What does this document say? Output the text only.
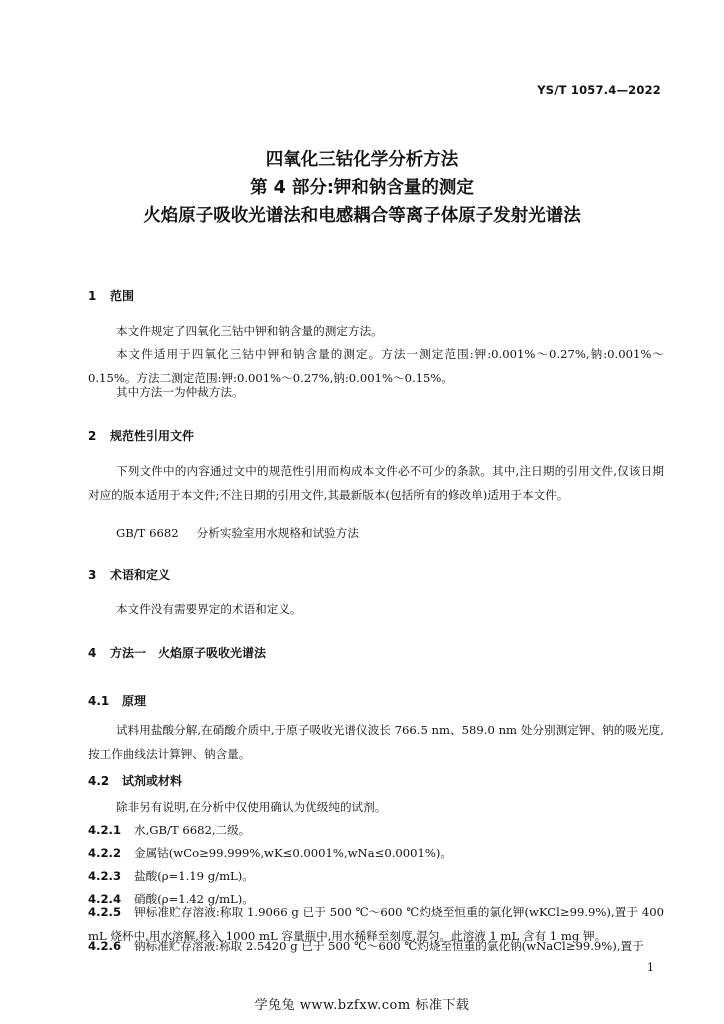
YS/T 1057.4—2022
四氧化三钴化学分析方法
第 4 部分:钾和钠含量的测定
火焰原子吸收光谱法和电感耦合等离子体原子发射光谱法
1 范围
本文件规定了四氧化三钴中钾和钠含量的测定方法。
本文件适用于四氧化三钴中钾和钠含量的测定。方法一测定范围:钾:0.001%～0.27%,钠:0.001%～0.15%。方法二测定范围:钾:0.001%～0.27%,钠:0.001%～0.15%。
其中方法一为仲裁方法。
2 规范性引用文件
下列文件中的内容通过文中的规范性引用而构成本文件必不可少的条款。其中,注日期的引用文件,仅该日期对应的版本适用于本文件;不注日期的引用文件,其最新版本(包括所有的修改单)适用于本文件。
GB/T 6682 分析实验室用水规格和试验方法
3 术语和定义
本文件没有需要界定的术语和定义。
4 方法一　火焰原子吸收光谱法
4.1 原理
试料用盐酸分解,在硝酸介质中,于原子吸收光谱仪波长 766.5 nm、589.0 nm 处分别测定钾、钠的吸光度,按工作曲线法计算钾、钠含量。
4.2 试剂或材料
除非另有说明,在分析中仅使用确认为优级纯的试剂。
4.2.1 水,GB/T 6682,二级。
4.2.2 金属钴(wCo≥99.999%,wK≤0.0001%,wNa≤0.0001%)。
4.2.3 盐酸(ρ=1.19 g/mL)。
4.2.4 硝酸(ρ=1.42 g/mL)。
4.2.5 钾标准贮存溶液:称取 1.9066 g 已于 500 ℃～600 ℃灼烧至恒重的氯化钾(wKCl≥99.9%),置于 400 mL 烧杯中,用水溶解,移入 1000 mL 容量瓶中,用水稀释至刻度,混匀。此溶液 1 mL 含有 1 mg 钾。
4.2.6 钠标准贮存溶液:称取 2.5420 g 已于 500 ℃～600 ℃灼烧至恒重的氯化钠(wNaCl≥99.9%),置于
1
学兔兔 www.bzfxw.com 标准下载
